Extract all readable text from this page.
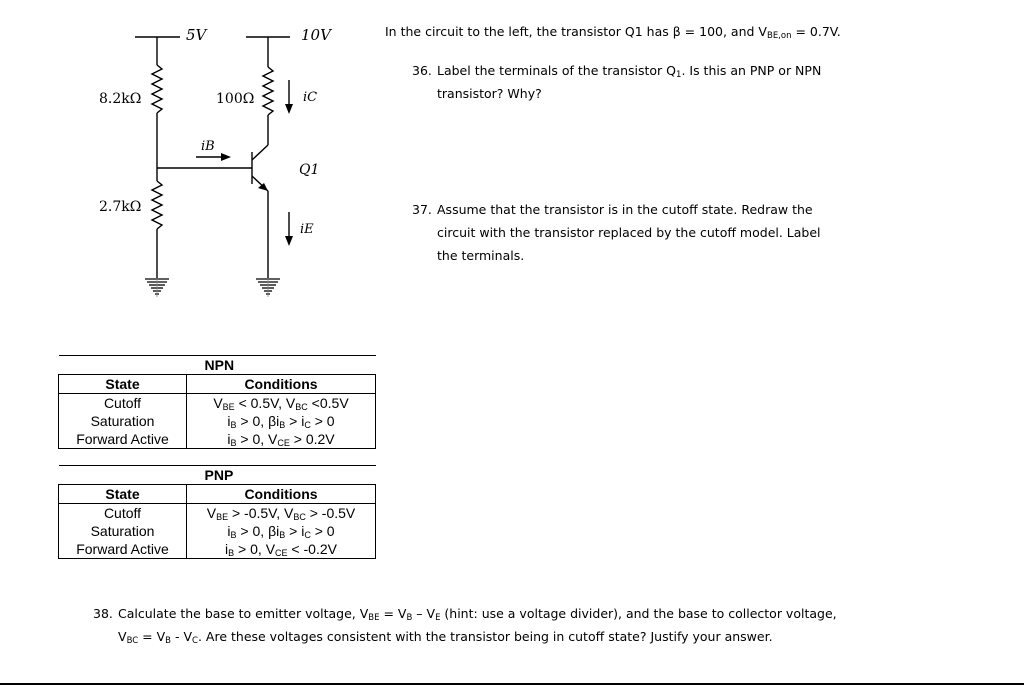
5V	10V
8.2kΩ
2.7kΩ
100Ω
iB
iC
iE
Q1
In the circuit to the left, the transistor Q1 has β = 100, and $V_{BE,on} = 0.7V$.
36. Label the terminals of the transistor $Q_1$. Is this an PNP or NPN
transistor? Why?
37. Assume that the transistor is in the cutoff state. Redraw the
circuit with the transistor replaced by the cutoff model. Label
the terminals.
	NPN
State	Conditions
Cutoff	$V_{BE} < 0.5V$, $V_{BC} <0.5V$
Saturation	$i_B > 0$, $\beta i_B > i_C > 0$
Forward Active	$i_B > 0$, $V_{CE} > 0.2V$
	PNP
State	Conditions
Cutoff	$V_{BE} > -0.5V$, $V_{BC} > -0.5V$
Saturation	$i_B > 0$, $\beta i_B > i_C > 0$
Forward Active	$i_B > 0$, $V_{CE} < -0.2V$
38. Calculate the base to emitter voltage, $V_{BE} = V_B - V_E$ (hint: use a voltage divider), and the base to collector voltage,
$V_{BC} = V_B - V_C$. Are these voltages consistent with the transistor being in cutoff state? Justify your answer.
